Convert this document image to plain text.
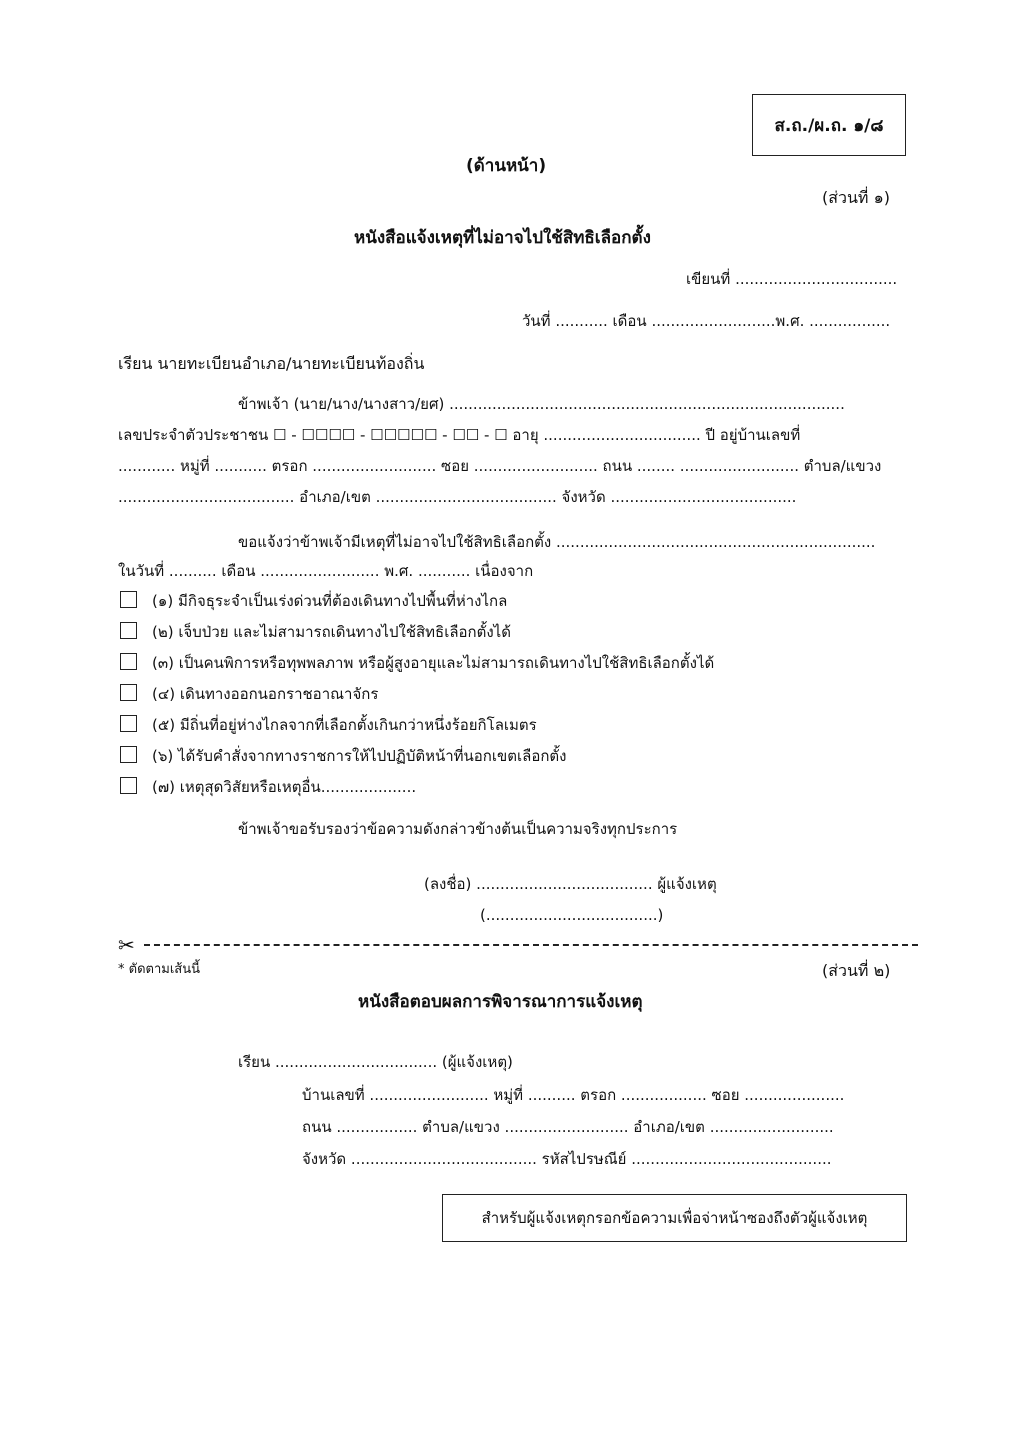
ส.ถ./ผ.ถ. ๑/๘
(ด้านหน้า)
(ส่วนที่ ๑)
หนังสือแจ้งเหตุที่ไม่อาจไปใช้สิทธิเลือกตั้ง
เขียนที่ ..................................
วันที่ ........... เดือน ..........................พ.ศ. .................
เรียน นายทะเบียนอำเภอ/นายทะเบียนท้องถิ่น
ข้าพเจ้า (นาย/นาง/นางสาว/ยศ) ...................................................................................
เลขประจำตัวประชาชน ☐ - ☐☐☐☐ - ☐☐☐☐☐ - ☐☐ - ☐ อายุ ................................. ปี อยู่บ้านเลขที่
............ หมู่ที่ ........... ตรอก .......................... ซอย .......................... ถนน ........ ......................... ตำบล/แขวง
..................................... อำเภอ/เขต ...................................... จังหวัด .......................................
ขอแจ้งว่าข้าพเจ้ามีเหตุที่ไม่อาจไปใช้สิทธิเลือกตั้ง ...................................................................
ในวันที่ .......... เดือน ......................... พ.ศ. ........... เนื่องจาก
(๑) มีกิจธุระจำเป็นเร่งด่วนที่ต้องเดินทางไปพื้นที่ห่างไกล
(๒) เจ็บป่วย และไม่สามารถเดินทางไปใช้สิทธิเลือกตั้งได้
(๓) เป็นคนพิการหรือทุพพลภาพ หรือผู้สูงอายุและไม่สามารถเดินทางไปใช้สิทธิเลือกตั้งได้
(๔) เดินทางออกนอกราชอาณาจักร
(๕) มีถิ่นที่อยู่ห่างไกลจากที่เลือกตั้งเกินกว่าหนึ่งร้อยกิโลเมตร
(๖) ได้รับคำสั่งจากทางราชการให้ไปปฏิบัติหน้าที่นอกเขตเลือกตั้ง
(๗) เหตุสุดวิสัยหรือเหตุอื่น....................
ข้าพเจ้าขอรับรองว่าข้อความดังกล่าวข้างต้นเป็นความจริงทุกประการ
(ลงชื่อ) ..................................... ผู้แจ้งเหตุ
(....................................)
✂
* ตัดตามเส้นนี้	(ส่วนที่ ๒)
หนังสือตอบผลการพิจารณาการแจ้งเหตุ
เรียน .................................. (ผู้แจ้งเหตุ)
บ้านเลขที่ ......................... หมู่ที่ .......... ตรอก .................. ซอย .....................
ถนน ................. ตำบล/แขวง .......................... อำเภอ/เขต ..........................
จังหวัด ....................................... รหัสไปรษณีย์ ..........................................
สำหรับผู้แจ้งเหตุกรอกข้อความเพื่อจ่าหน้าซองถึงตัวผู้แจ้งเหตุ
